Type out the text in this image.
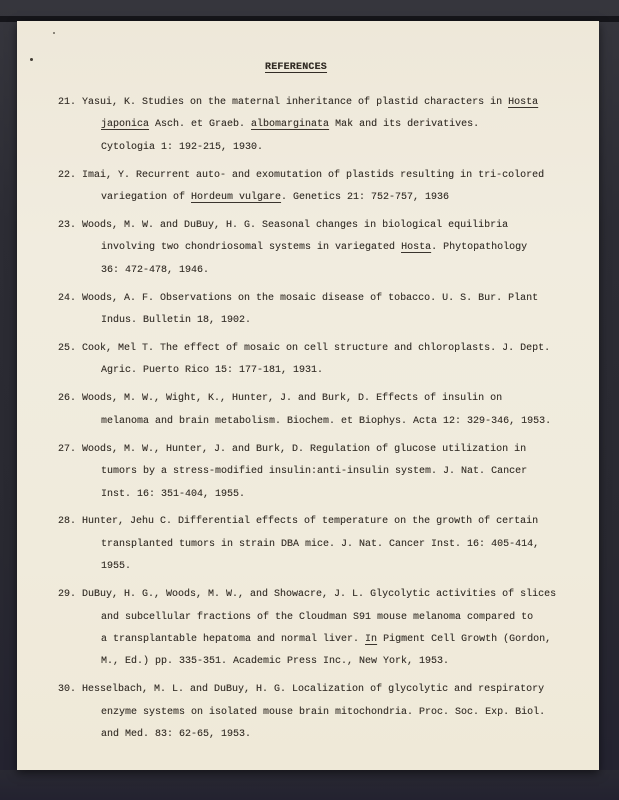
REFERENCES
21. Yasui, K. Studies on the maternal inheritance of plastid characters in Hosta
japonica Asch. et Graeb. albomarginata Mak and its derivatives.
Cytologia 1: 192-215, 1930.
22. Imai, Y. Recurrent auto- and exomutation of plastids resulting in tri-colored
variegation of Hordeum vulgare. Genetics 21: 752-757, 1936
23. Woods, M. W. and DuBuy, H. G. Seasonal changes in biological equilibria
involving two chondriosomal systems in variegated Hosta. Phytopathology
36: 472-478, 1946.
24. Woods, A. F. Observations on the mosaic disease of tobacco. U. S. Bur. Plant
Indus. Bulletin 18, 1902.
25. Cook, Mel T. The effect of mosaic on cell structure and chloroplasts. J. Dept.
Agric. Puerto Rico 15: 177-181, 1931.
26. Woods, M. W., Wight, K., Hunter, J. and Burk, D. Effects of insulin on
melanoma and brain metabolism. Biochem. et Biophys. Acta 12: 329-346, 1953.
27. Woods, M. W., Hunter, J. and Burk, D. Regulation of glucose utilization in
tumors by a stress-modified insulin:anti-insulin system. J. Nat. Cancer
Inst. 16: 351-404, 1955.
28. Hunter, Jehu C. Differential effects of temperature on the growth of certain
transplanted tumors in strain DBA mice. J. Nat. Cancer Inst. 16: 405-414,
1955.
29. DuBuy, H. G., Woods, M. W., and Showacre, J. L. Glycolytic activities of slices
and subcellular fractions of the Cloudman S91 mouse melanoma compared to
a transplantable hepatoma and normal liver. In Pigment Cell Growth (Gordon,
M., Ed.) pp. 335-351. Academic Press Inc., New York, 1953.
30. Hesselbach, M. L. and DuBuy, H. G. Localization of glycolytic and respiratory
enzyme systems on isolated mouse brain mitochondria. Proc. Soc. Exp. Biol.
and Med. 83: 62-65, 1953.
